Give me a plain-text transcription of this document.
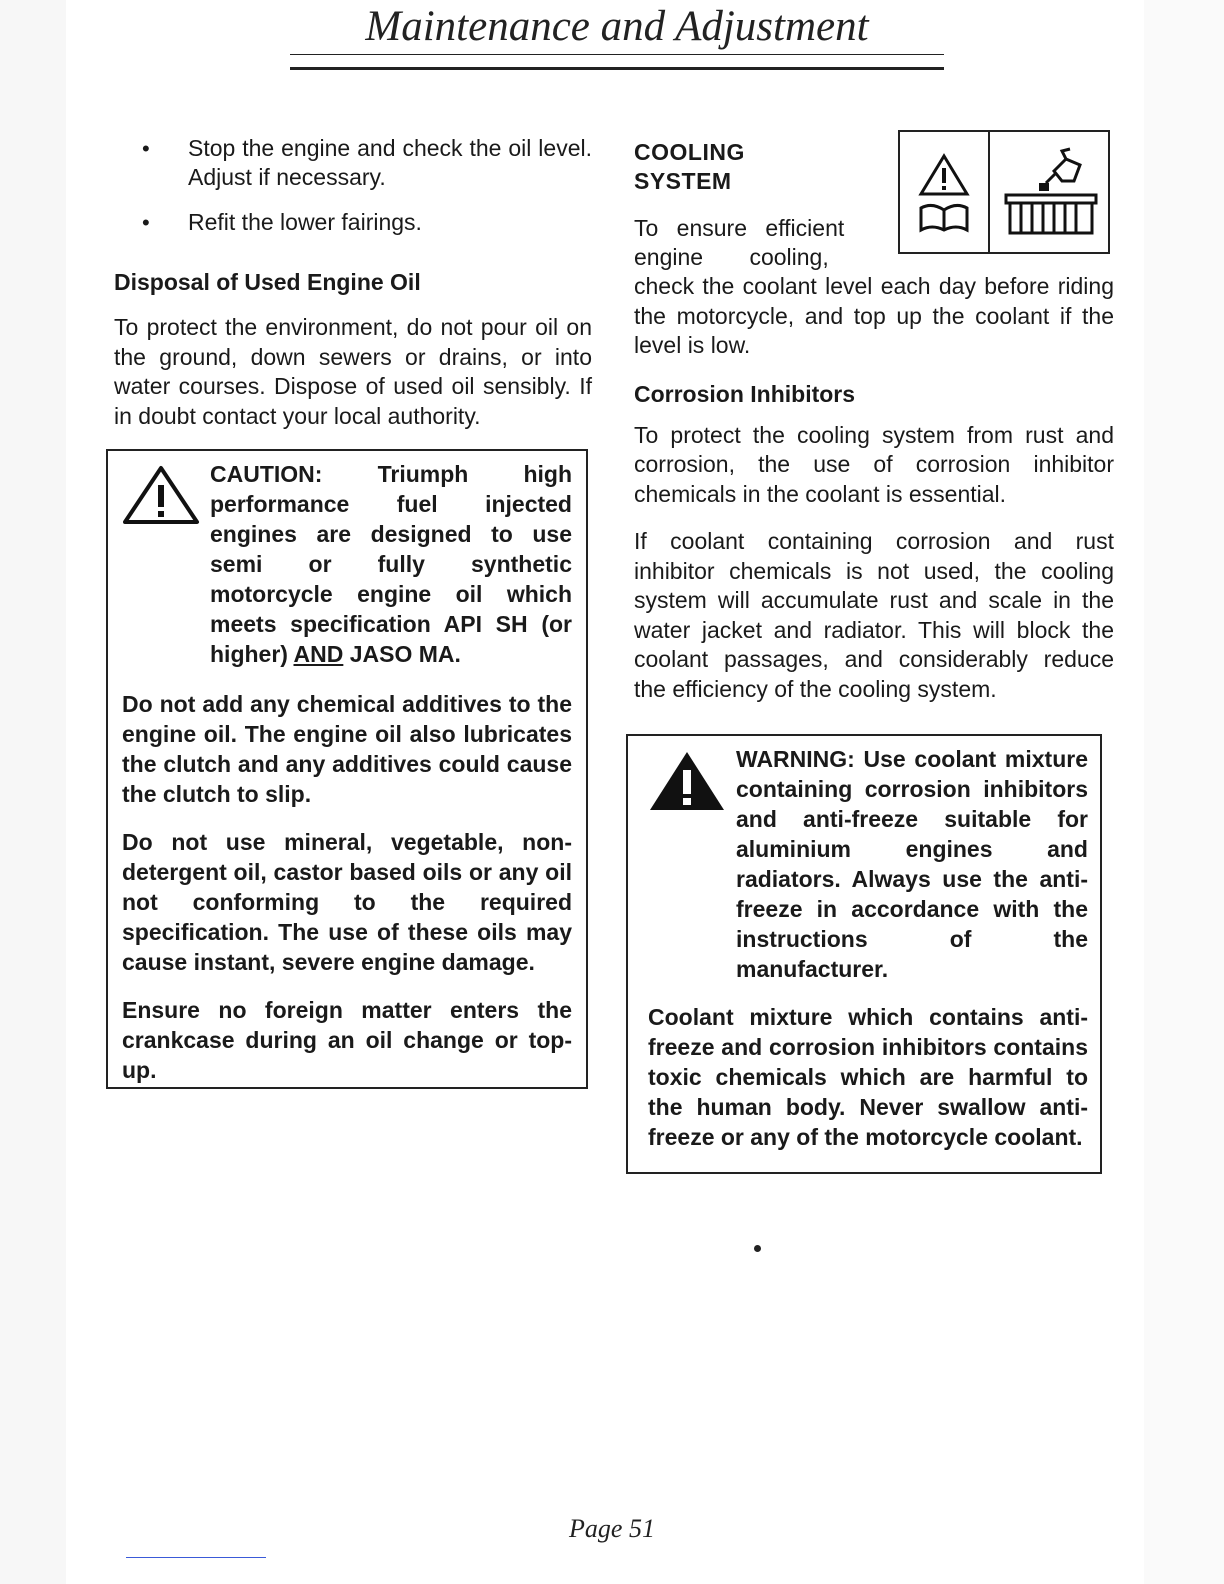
Maintenance and Adjustment
• Stop the engine and check the oil level. Adjust if necessary.
• Refit the lower fairings.
Disposal of Used Engine Oil

To protect the environment, do not pour oil on the ground, down sewers or drains, or into water courses. Dispose of used oil sensibly. If in doubt contact your local authority.

CAUTION: Triumph high performance fuel injected engines are designed to use semi or fully synthetic motorcycle engine oil which meets specification API SH (or higher) AND JASO MA.

Do not add any chemical additives to the engine oil. The engine oil also lubricates the clutch and any additives could cause the clutch to slip.

Do not use mineral, vegetable, non-detergent oil, castor based oils or any oil not conforming to the required specification. The use of these oils may cause instant, severe engine damage.

Ensure no foreign matter enters the crankcase during an oil change or top-up.

COOLING
SYSTEM
To ensure efficient
engine cooling,

check the coolant level each day before riding the motorcycle, and top up the coolant if the level is low.

Corrosion Inhibitors

To protect the cooling system from rust and corrosion, the use of corrosion inhibitor chemicals in the coolant is essential.

If coolant containing corrosion and rust inhibitor chemicals is not used, the cooling system will accumulate rust and scale in the water jacket and radiator. This will block the coolant passages, and considerably reduce the efficiency of the cooling system.

WARNING: Use coolant mixture containing corrosion inhibitors and anti-freeze suitable for aluminium engines and radiators. Always use the anti-freeze in accordance with the instructions of the manufacturer.

Coolant mixture which contains anti-freeze and corrosion inhibitors contains toxic chemicals which are harmful to the human body. Never swallow anti-freeze or any of the motorcycle coolant.

Page 51
